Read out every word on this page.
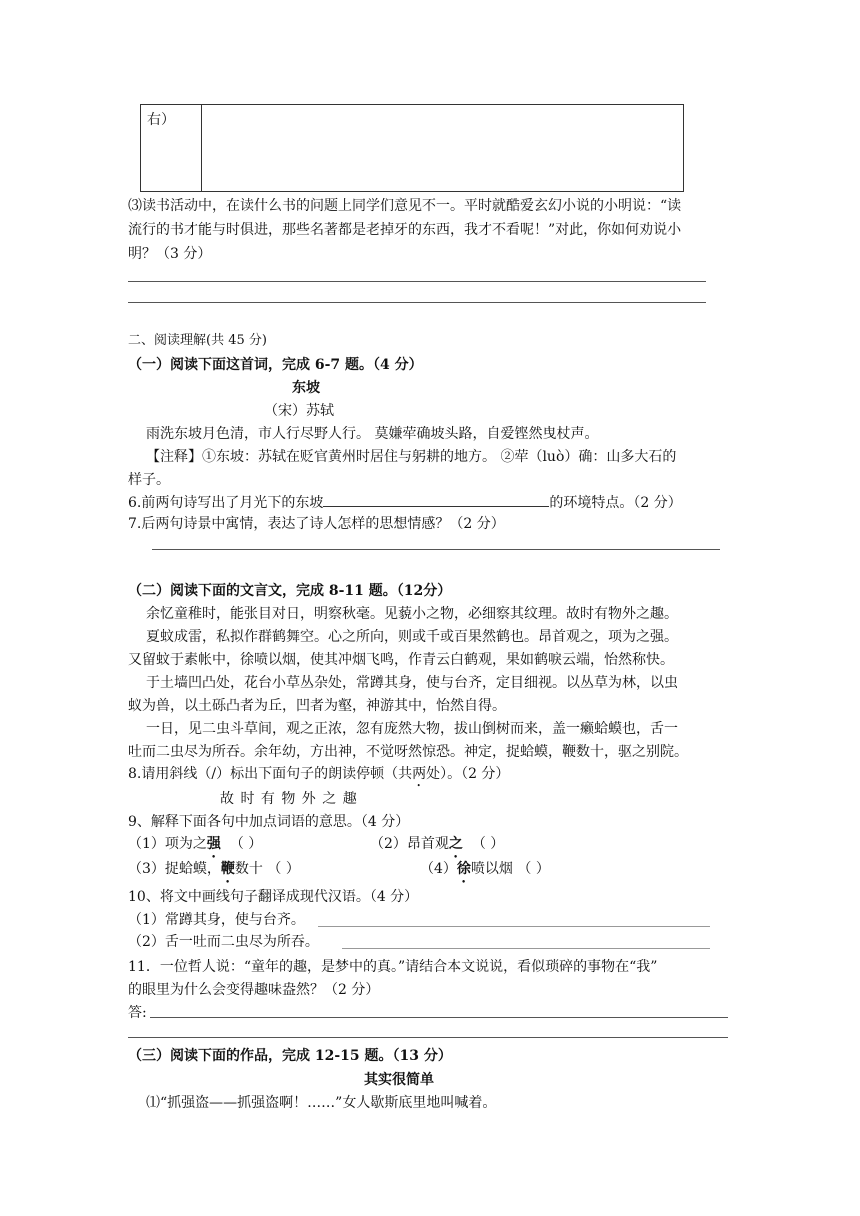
右）	
⑶读书活动中，在读什么书的问题上同学们意见不一。平时就酷爱玄幻小说的小明说：“读
流行的书才能与时俱进，那些名著都是老掉牙的东西，我才不看呢！”对此，你如何劝说小
明？（3 分）
二、阅读理解(共 45 分)
（一）阅读下面这首词，完成 6-7 题。（4 分）
东坡
（宋）苏轼
雨洗东坡月色清，市人行尽野人行。 莫嫌荦确坡头路，自爱铿然曳杖声。
【注释】①东坡：苏轼在贬官黄州时居住与躬耕的地方。 ②荦（luò）确：山多大石的
样子。
6.前两句诗写出了月光下的东坡	的环境特点。（2 分）
7.后两句诗景中寓情，表达了诗人怎样的思想情感？（2 分）
（二）阅读下面的文言文，完成 8-11 题。（12分）
余忆童稚时，能张目对日，明察秋毫。见藐小之物，必细察其纹理。故时有物外之趣。
夏蚊成雷，私拟作群鹤舞空。心之所向，则或千或百果然鹤也。昂首观之，项为之强。
又留蚊于素帐中，徐喷以烟，使其冲烟飞鸣，作青云白鹤观，果如鹤唳云端，怡然称快。
于土墙凹凸处，花台小草丛杂处，常蹲其身，使与台齐，定目细视。以丛草为林，以虫
蚁为兽，以土砾凸者为丘，凹者为壑，神游其中，怡然自得。
一日，见二虫斗草间，观之正浓，忽有庞然大物，拔山倒树而来，盖一癞蛤蟆也，舌一
吐而二虫尽为所吞。余年幼，方出神，不觉呀然惊恐。神定，捉蛤蟆，鞭数十，驱之别院。
8.请用斜线（/）标出下面句子的朗读停顿（共两处）。（2 分）
故 时 有 物 外 之 趣
9、解释下面各句中加点词语的意思。（4 分）
（1）项为之强 （ ）	（2）昂首观之 （ ）
（3）捉蛤蟆，鞭数十 （ ）	（4）徐喷以烟 （ ）
10、将文中画线句子翻译成现代汉语。（4 分）
（1）常蹲其身，使与台齐。
（2）舌一吐而二虫尽为所吞。
11．一位哲人说：“童年的趣，是梦中的真。”请结合本文说说，看似琐碎的事物在“我”
的眼里为什么会变得趣味盎然？（2 分）
答:
（三）阅读下面的作品，完成 12-15 题。（13 分）
其实很简单
⑴“抓强盗——抓强盗啊！……”女人歇斯底里地叫喊着。
